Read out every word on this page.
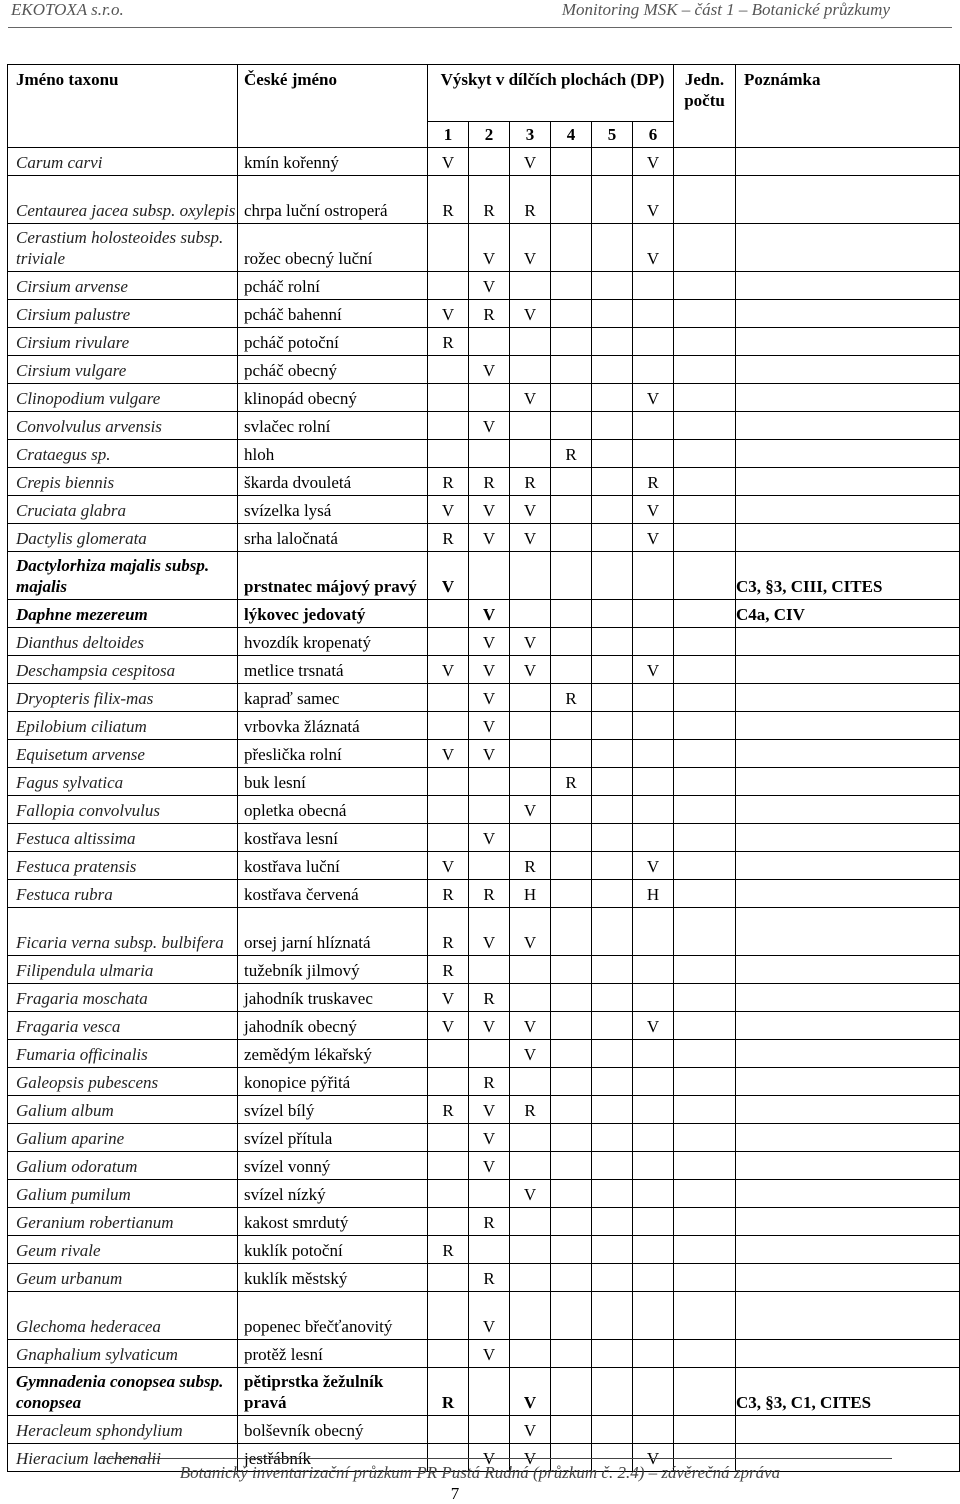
EKOTOXA s.r.o.	Monitoring MSK – část 1 – Botanické průzkumy
Jméno taxonu	České jméno	Výskyt v dílčích plochách (DP)						Jedn. počtu	Poznámka
		1	2	3	4	5	6		
Carum carvi	kmín kořenný	V		V			V		
Centaurea jacea subsp. oxylepis	chrpa luční ostroperá	R	R	R			V		
Cerastium holosteoides subsp. triviale	rožec obecný luční		V	V			V		
Cirsium arvense	pcháč rolní		V						
Cirsium palustre	pcháč bahenní	V	R	V					
Cirsium rivulare	pcháč potoční	R							
Cirsium vulgare	pcháč obecný		V						
Clinopodium vulgare	klinopád obecný			V			V		
Convolvulus arvensis	svlačec rolní		V						
Crataegus sp.	hloh				R				
Crepis biennis	škarda dvouletá	R	R	R			R		
Cruciata glabra	svízelka lysá	V	V	V			V		
Dactylis glomerata	srha laločnatá	R	V	V			V		
Dactylorhiza majalis subsp. majalis	prstnatec májový pravý	V							C3, §3, CIII, CITES
Daphne mezereum	lýkovec jedovatý		V						C4a, CIV
Dianthus deltoides	hvozdík kropenatý		V	V					
Deschampsia cespitosa	metlice trsnatá	V	V	V			V		
Dryopteris filix-mas	kapraď samec		V		R				
Epilobium ciliatum	vrbovka žláznatá		V						
Equisetum arvense	přeslička rolní	V	V						
Fagus sylvatica	buk lesní				R				
Fallopia convolvulus	opletka obecná			V					
Festuca altissima	kostřava lesní		V						
Festuca pratensis	kostřava luční	V		R			V		
Festuca rubra	kostřava červená	R	R	H			H		
Ficaria verna subsp. bulbifera	orsej jarní hlíznatá	R	V	V					
Filipendula ulmaria	tužebník jilmový	R							
Fragaria moschata	jahodník truskavec	V	R						
Fragaria vesca	jahodník obecný	V	V	V			V		
Fumaria officinalis	zemědým lékařský			V					
Galeopsis pubescens	konopice pýřitá		R						
Galium album	svízel bílý	R	V	R					
Galium aparine	svízel přítula		V						
Galium odoratum	svízel vonný		V						
Galium pumilum	svízel nízký			V					
Geranium robertianum	kakost smrdutý		R						
Geum rivale	kuklík potoční	R							
Geum urbanum	kuklík městský		R						
Glechoma hederacea	popenec břečťanovitý		V						
Gnaphalium sylvaticum	protěž lesní		V						
Gymnadenia conopsea subsp. conopsea	pětiprstka žežulník pravá	R		V					C3, §3, C1, CITES
Heracleum sphondylium	bolševník obecný			V					
Hieracium lachenalii	jestřábník		V	V			V		
Botanický inventarizační průzkum PR Pustá Rudná (průzkum č. 2.4) – závěrečná zpráva
7
